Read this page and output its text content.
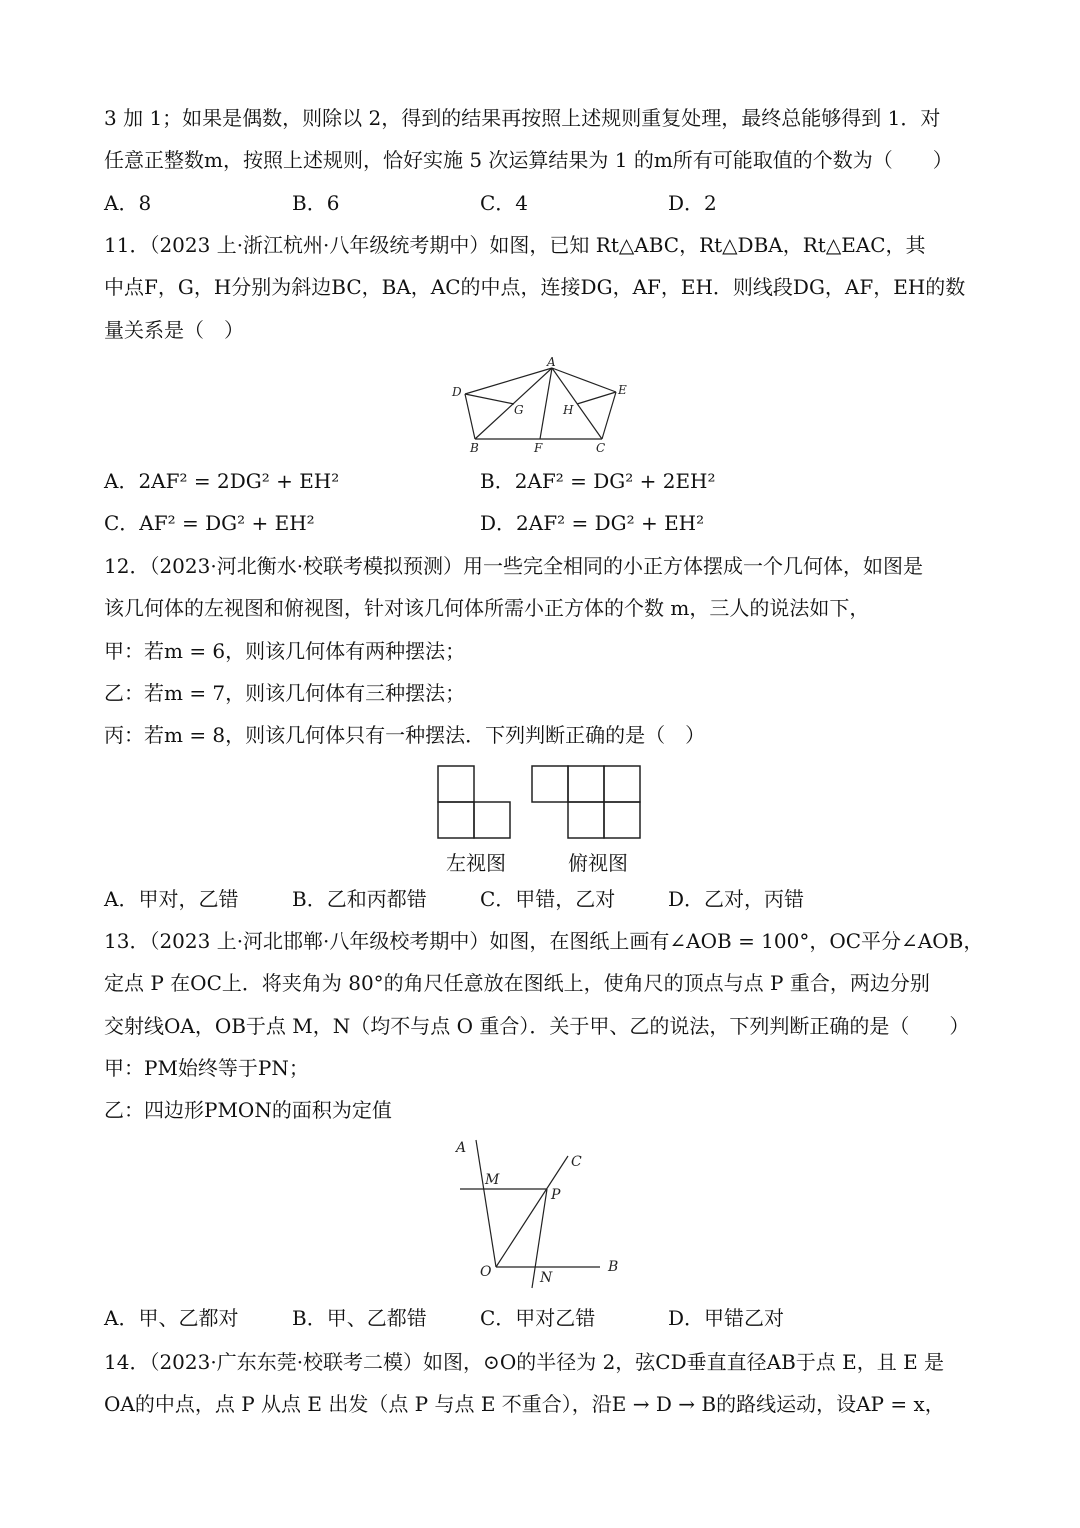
3 加 1；如果是偶数，则除以 2，得到的结果再按照上述规则重复处理，最终总能够得到 1．对
任意正整数m，按照上述规则，恰好实施 5 次运算结果为 1 的m所有可能取值的个数为（　　）
A．8	B．6	C．4	D．2
11．（2023 上·浙江杭州·八年级统考期中）如图，已知 Rt△ABC，Rt△DBA，Rt△EAC，其
中点F，G，H分别为斜边BC，BA，AC的中点，连接DG，AF，EH．则线段DG，AF，EH的数
量关系是（　）
A
D	E
G	H
B	F	C
A．2AF² = 2DG² + EH²	B．2AF² = DG² + 2EH²
C．AF² = DG² + EH²	D．2AF² = DG² + EH²
12．（2023·河北衡水·校联考模拟预测）用一些完全相同的小正方体摆成一个几何体，如图是
该几何体的左视图和俯视图，针对该几何体所需小正方体的个数 m，三人的说法如下，
甲：若m = 6，则该几何体有两种摆法；
乙：若m = 7，则该几何体有三种摆法；
丙：若m = 8，则该几何体只有一种摆法．下列判断正确的是（　）
左视图	俯视图
A．甲对，乙错	B．乙和丙都错	C．甲错，乙对	D．乙对，丙错
13．（2023 上·河北邯郸·八年级校考期中）如图，在图纸上画有∠AOB = 100°，OC平分∠AOB，
定点 P 在OC上．将夹角为 80°的角尺任意放在图纸上，使角尺的顶点与点 P 重合，两边分别
交射线OA，OB于点 M，N（均不与点 O 重合）．关于甲、乙的说法，下列判断正确的是（　　）
甲：PM始终等于PN；
乙：四边形PMON的面积为定值
A
M
C
P
O	N
B
A．甲、乙都对	B．甲、乙都错	C．甲对乙错	D．甲错乙对
14．（2023·广东东莞·校联考二模）如图，⊙O的半径为 2，弦CD垂直直径AB于点 E，且 E 是
OA的中点，点 P 从点 E 出发（点 P 与点 E 不重合），沿E → D → B的路线运动，设AP = x，
